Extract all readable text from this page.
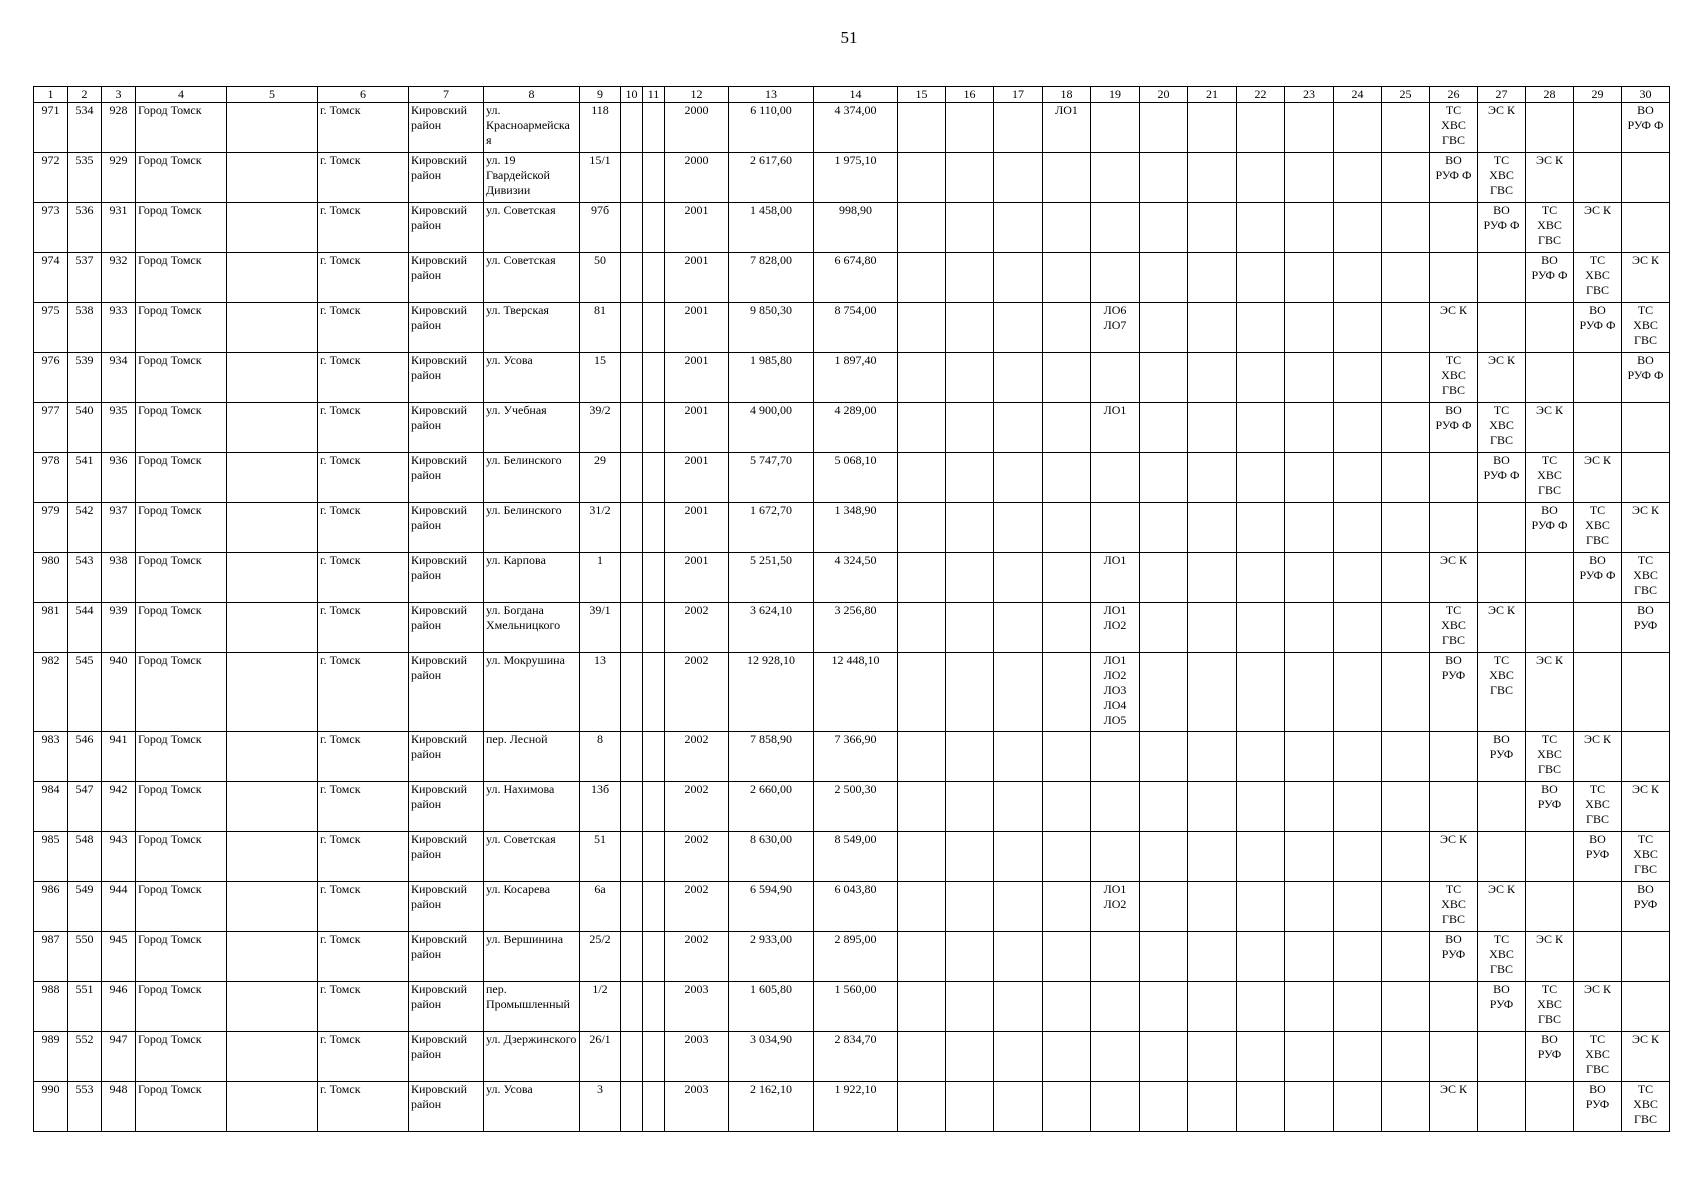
51
1	2	3	4	5	6	7	8	9	10	11	12	13	14	15	16	17	18	19	20	21	22	23	24	25	26	27	28	29	30
971	534	928	Город Томск		г. Томск	Кировский район	ул. Красноармейска
я	118			2000	6 110,00	4 374,00				ЛО1								ТС
ХВС
ГВС	ЭС К			ВО
РУФ Ф
972	535	929	Город Томск		г. Томск	Кировский район	ул. 19 Гвардейской Дивизии	15/1			2000	2 617,60	1 975,10												ВО
РУФ Ф	ТС
ХВС
ГВС	ЭС К		
973	536	931	Город Томск		г. Томск	Кировский район	ул. Советская	97б			2001	1 458,00	998,90													ВО
РУФ Ф	ТС
ХВС
ГВС	ЭС К	
974	537	932	Город Томск		г. Томск	Кировский район	ул. Советская	50			2001	7 828,00	6 674,80														ВО
РУФ Ф	ТС
ХВС
ГВС	ЭС К
975	538	933	Город Томск		г. Томск	Кировский район	ул. Тверская	81			2001	9 850,30	8 754,00					ЛО6
ЛО7							ЭС К			ВО
РУФ Ф	ТС
ХВС
ГВС
976	539	934	Город Томск		г. Томск	Кировский район	ул. Усова	15			2001	1 985,80	1 897,40												ТС
ХВС
ГВС	ЭС К			ВО
РУФ Ф
977	540	935	Город Томск		г. Томск	Кировский район	ул. Учебная	39/2			2001	4 900,00	4 289,00					ЛО1							ВО
РУФ Ф	ТС
ХВС
ГВС	ЭС К		
978	541	936	Город Томск		г. Томск	Кировский район	ул. Белинского	29			2001	5 747,70	5 068,10													ВО
РУФ Ф	ТС
ХВС
ГВС	ЭС К	
979	542	937	Город Томск		г. Томск	Кировский район	ул. Белинского	31/2			2001	1 672,70	1 348,90														ВО
РУФ Ф	ТС
ХВС
ГВС	ЭС К
980	543	938	Город Томск		г. Томск	Кировский район	ул. Карпова	1			2001	5 251,50	4 324,50					ЛО1							ЭС К			ВО
РУФ Ф	ТС
ХВС
ГВС
981	544	939	Город Томск		г. Томск	Кировский район	ул. Богдана Хмельницкого	39/1			2002	3 624,10	3 256,80					ЛО1
ЛО2							ТС
ХВС
ГВС	ЭС К			ВО
РУФ
982	545	940	Город Томск		г. Томск	Кировский район	ул. Мокрушина	13			2002	12 928,10	12 448,10					ЛО1
ЛО2
ЛО3
ЛО4
ЛО5							ВО
РУФ	ТС
ХВС
ГВС	ЭС К		
983	546	941	Город Томск		г. Томск	Кировский район	пер. Лесной	8			2002	7 858,90	7 366,90													ВО
РУФ	ТС
ХВС
ГВС	ЭС К	
984	547	942	Город Томск		г. Томск	Кировский район	ул. Нахимова	13б			2002	2 660,00	2 500,30														ВО
РУФ	ТС
ХВС
ГВС	ЭС К
985	548	943	Город Томск		г. Томск	Кировский район	ул. Советская	51			2002	8 630,00	8 549,00												ЭС К			ВО
РУФ	ТС
ХВС
ГВС
986	549	944	Город Томск		г. Томск	Кировский район	ул. Косарева	6а			2002	6 594,90	6 043,80					ЛО1
ЛО2							ТС
ХВС
ГВС	ЭС К			ВО
РУФ
987	550	945	Город Томск		г. Томск	Кировский район	ул. Вершинина	25/2			2002	2 933,00	2 895,00												ВО
РУФ	ТС
ХВС
ГВС	ЭС К		
988	551	946	Город Томск		г. Томск	Кировский район	пер. Промышленный	1/2			2003	1 605,80	1 560,00													ВО
РУФ	ТС
ХВС
ГВС	ЭС К	
989	552	947	Город Томск		г. Томск	Кировский район	ул. Дзержинского	26/1			2003	3 034,90	2 834,70														ВО
РУФ	ТС
ХВС
ГВС	ЭС К
990	553	948	Город Томск		г. Томск	Кировский район	ул. Усова	3			2003	2 162,10	1 922,10												ЭС К			ВО
РУФ	ТС
ХВС
ГВС
